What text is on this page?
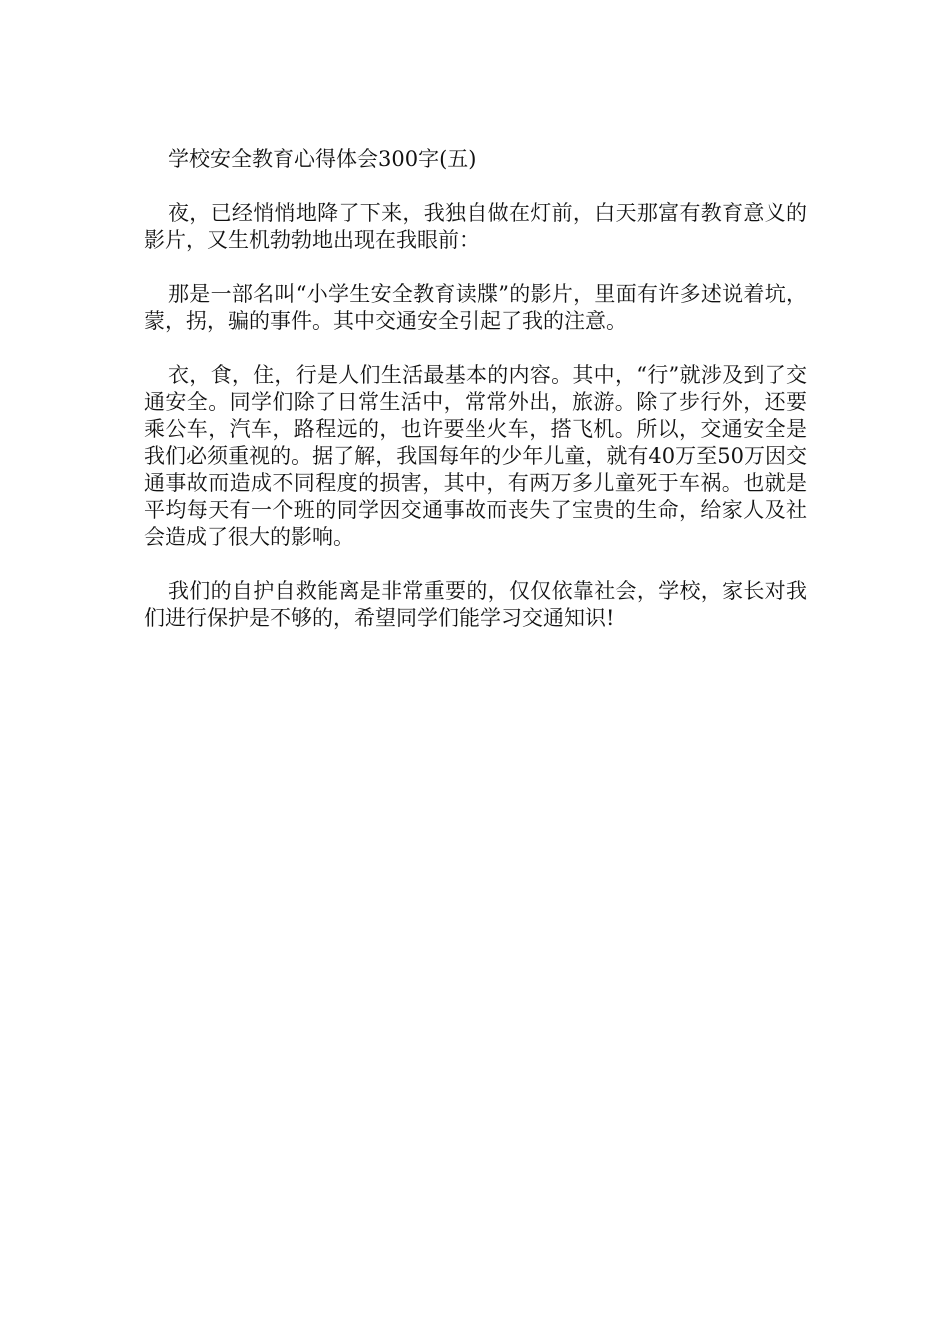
学校安全教育心得体会300字(五)

夜，已经悄悄地降了下来，我独自做在灯前，白天那富有教育意义的影片，又生机勃勃地出现在我眼前：

那是一部名叫“小学生安全教育读牒”的影片，里面有许多述说着坑，蒙，拐，骗的事件。其中交通安全引起了我的注意。

衣，食，住，行是人们生活最基本的内容。其中，“行”就涉及到了交通安全。同学们除了日常生活中，常常外出，旅游。除了步行外，还要乘公车，汽车，路程远的，也许要坐火车，搭飞机。所以，交通安全是我们必须重视的。据了解，我国每年的少年儿童，就有40万至50万因交通事故而造成不同程度的损害，其中，有两万多儿童死于车祸。也就是平均每天有一个班的同学因交通事故而丧失了宝贵的生命，给家人及社会造成了很大的影响。

我们的自护自救能离是非常重要的，仅仅依靠社会，学校，家长对我们进行保护是不够的，希望同学们能学习交通知识!
